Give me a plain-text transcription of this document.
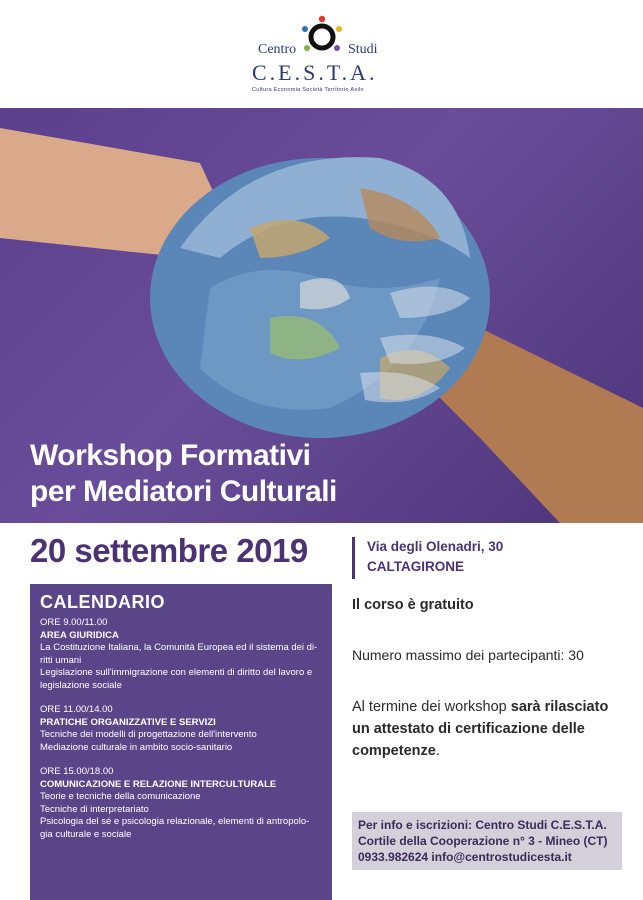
Centro	Studi
C.E.S.T.A.
Cultura Economia Società Territorio Asilo
Workshop Formativi
per Mediatori Culturali
20 settembre 2019	Via degli Olenadri, 30
CALTAGIRONE
CALENDARIO
ORE 9.00/11.00
AREA GIURIDICA
La Costituzione Italiana, la Comunità Europea ed il sistema dei di-
ritti umani
Legislazione sull'immigrazione con elementi di diritto del lavoro e
legislazione sociale
ORE 11.00/14.00
PRATICHE ORGANIZZATIVE E SERVIZI
Tecniche dei modelli di progettazione dell'intervento
Mediazione culturale in ambito socio-sanitario
ORE 15.00/18.00
COMUNICAZIONE E RELAZIONE INTERCULTURALE
Teorie e tecniche della comunicazione
Tecniche di interpretariato
Psicologia del sé e psicologia relazionale, elementi di antropolo-
gia culturale e sociale
Il corso è gratuito
Numero massimo dei partecipanti: 30
Al termine dei workshop sarà rilasciato un attestato di certificazione delle competenze.
Per info e iscrizioni: Centro Studi C.E.S.T.A.
Cortile della Cooperazione n° 3 - Mineo (CT)
0933.982624 info@centrostudicesta.it
